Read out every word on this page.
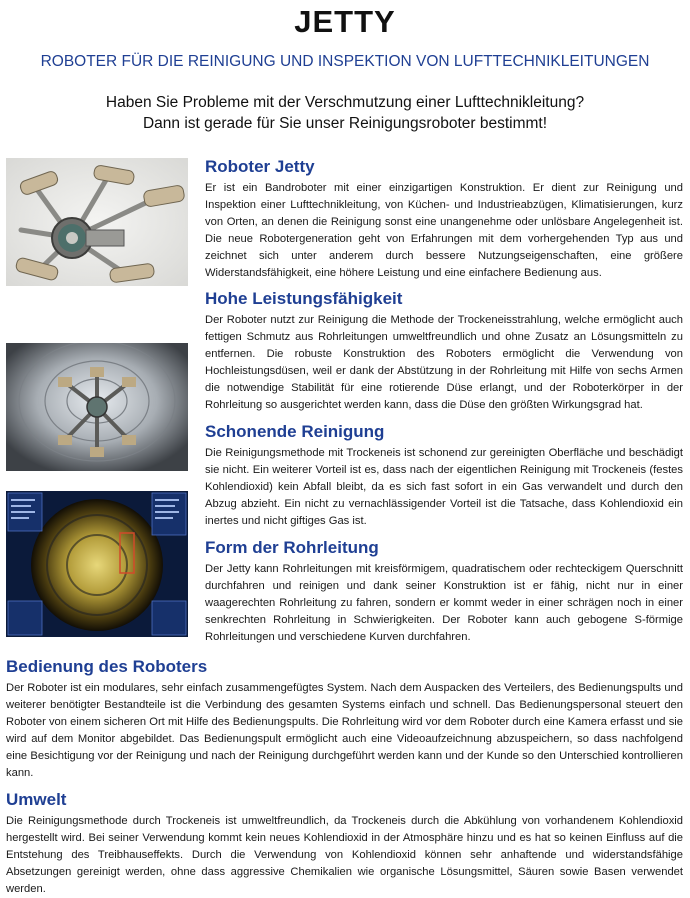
JETTY
ROBOTER FÜR DIE REINIGUNG UND INSPEKTION VON LUFTTECHNIKLEITUNGEN
Haben Sie Probleme mit der Verschmutzung einer Lufttechnikleitung?
Dann ist gerade für Sie unser Reinigungsroboter bestimmt!
Roboter Jetty

Er ist ein Bandroboter mit einer einzigartigen Konstruktion. Er dient zur Reinigung und Inspektion einer Lufttechnikleitung, von Küchen- und Industrieabzügen, Klimatisierungen, kurz von Orten, an denen die Reinigung sonst eine unangenehme oder unlösbare Angelegenheit ist. Die neue Robotergeneration geht von Erfahrungen mit dem vorhergehenden Typ aus und zeichnet sich unter anderem durch bessere Nutzungseigenschaften, eine größere Widerstandsfähigkeit, eine höhere Leistung und eine einfachere Bedienung aus.

Hohe Leistungsfähigkeit

Der Roboter nutzt zur Reinigung die Methode der Trockeneisstrahlung, welche ermöglicht auch fettigen Schmutz aus Rohrleitungen umweltfreundlich und ohne Zusatz an Lösungsmitteln zu entfernen. Die robuste Konstruktion des Roboters ermöglicht die Verwendung von Hochleistungsdüsen, weil er dank der Abstützung in der Rohrleitung mit Hilfe von sechs Armen die notwendige Stabilität für eine rotierende Düse erlangt, und der Roboterkörper in der Rohrleitung so ausgerichtet werden kann, dass die Düse den größten Wirkungsgrad hat.

Schonende Reinigung

Die Reinigungsmethode mit Trockeneis ist schonend zur gereinigten Oberfläche und beschädigt sie nicht. Ein weiterer Vorteil ist es, dass nach der eigentlichen Reinigung mit Trockeneis (festes Kohlendioxid) kein Abfall bleibt, da es sich fast sofort in ein Gas verwandelt und durch den Abzug abzieht. Ein nicht zu vernachlässigender Vorteil ist die Tatsache, dass Kohlendioxid ein inertes und nicht giftiges Gas ist.

Form der Rohrleitung

Der Jetty kann Rohrleitungen mit kreisförmigem, quadratischem oder rechteckigem Querschnitt durchfahren und reinigen und dank seiner Konstruktion ist er fähig, nicht nur in einer waagerechten Rohrleitung zu fahren, sondern er kommt weder in einer schrägen noch in einer senkrechten Rohrleitung in Schwierigkeiten. Der Roboter kann auch gebogene S-förmige Rohrleitungen und verschiedene Kurven durchfahren.

Bedienung des Roboters

Der Roboter ist ein modulares, sehr einfach zusammengefügtes System. Nach dem Auspacken des Verteilers, des Bedienungspults und weiterer benötigter Bestandteile ist die Verbindung des gesamten Systems einfach und schnell. Das Bedienungspersonal steuert den Roboter von einem sicheren Ort mit Hilfe des Bedienungspults. Die Rohrleitung wird vor dem Roboter durch eine Kamera erfasst und sie wird auf dem Monitor abgebildet. Das Bedienungspult ermöglicht auch eine Videoaufzeichnung abzuspeichern, so dass nachfolgend eine Besichtigung vor der Reinigung und nach der Reinigung durchgeführt werden kann und der Kunde so den Unterschied kontrollieren kann.

Umwelt

Die Reinigungsmethode durch Trockeneis ist umweltfreundlich, da Trockeneis durch die Abkühlung von vorhandenem Kohlendioxid hergestellt wird. Bei seiner Verwendung kommt kein neues Kohlendioxid in der Atmosphäre hinzu und es hat so keinen Einfluss auf die Entstehung des Treibhauseffekts. Durch die Verwendung von Kohlendioxid können sehr anhaftende und widerstandsfähige Absetzungen gereinigt werden, ohne dass aggressive Chemikalien wie organische Lösungsmittel, Säuren sowie Basen verwendet werden.
